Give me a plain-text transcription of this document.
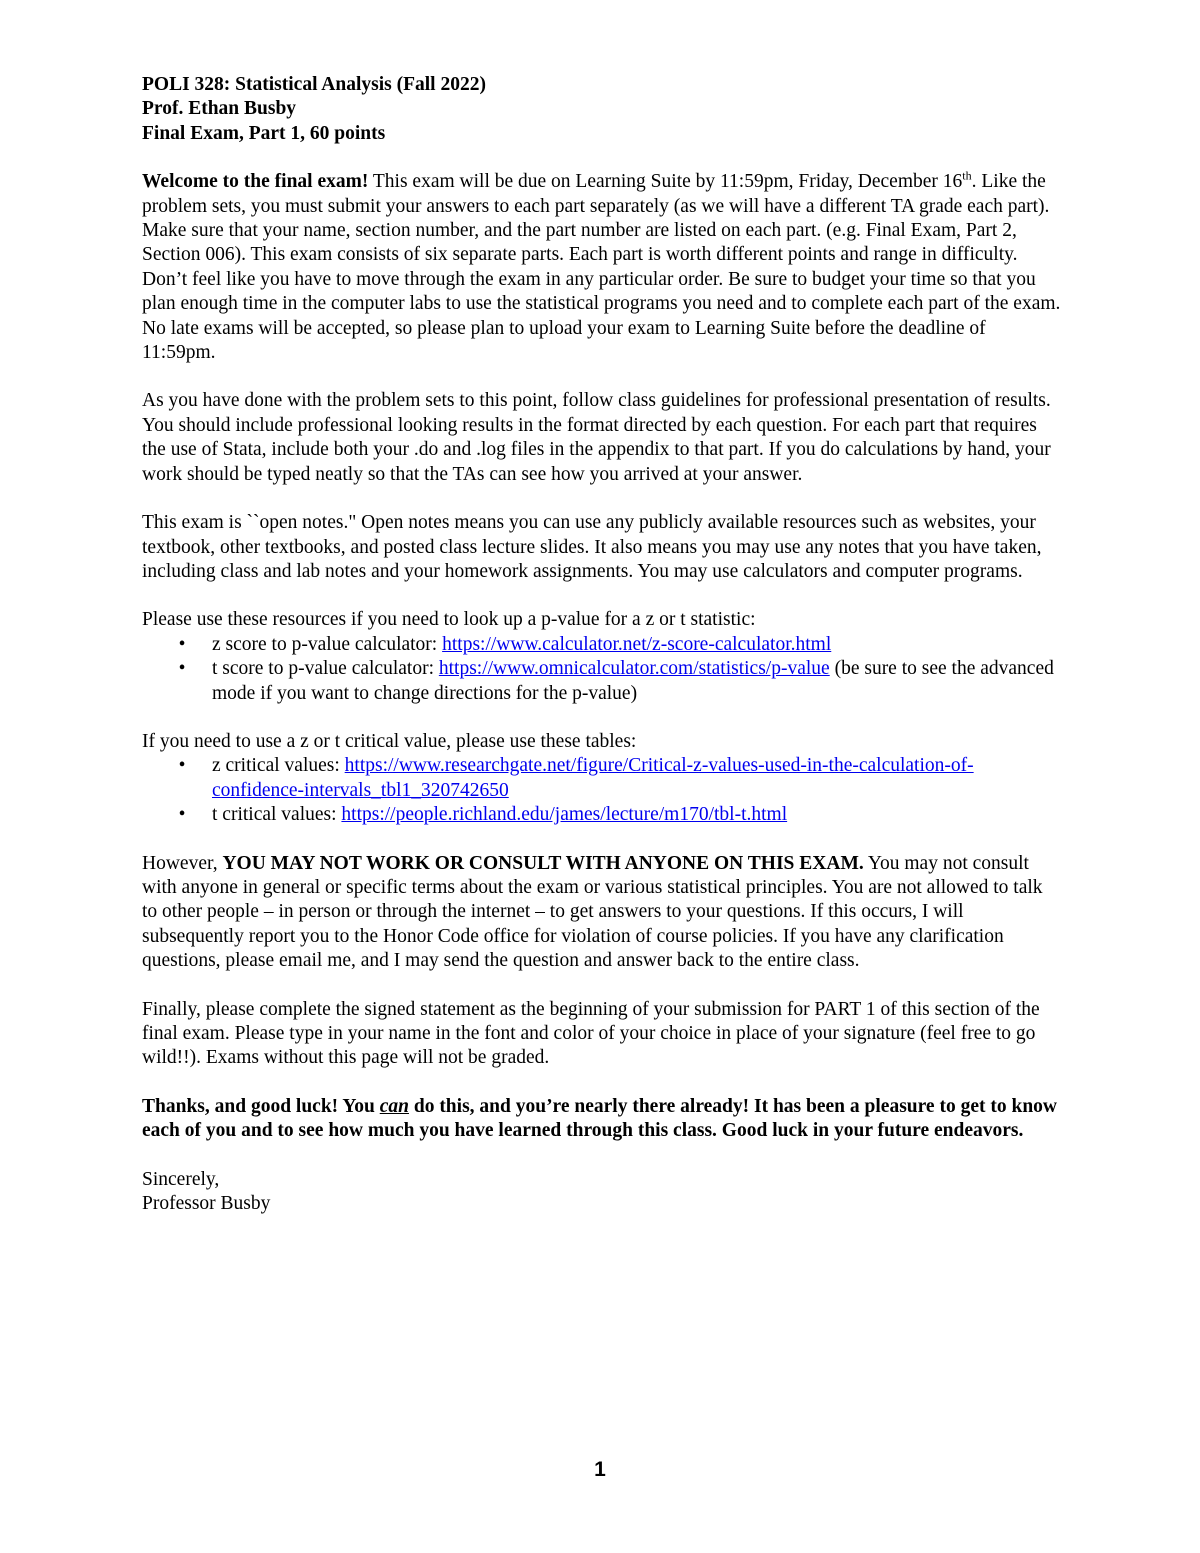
POLI 328: Statistical Analysis (Fall 2022)

Prof. Ethan Busby

Final Exam, Part 1, 60 points

Welcome to the final exam! This exam will be due on Learning Suite by 11:59pm, Friday, December 16th. Like the problem sets, you must submit your answers to each part separately (as we will have a different TA grade each part). Make sure that your name, section number, and the part number are listed on each part. (e.g. Final Exam, Part 2, Section 006). This exam consists of six separate parts. Each part is worth different points and range in difficulty. Don’t feel like you have to move through the exam in any particular order. Be sure to budget your time so that you plan enough time in the computer labs to use the statistical programs you need and to complete each part of the exam. No late exams will be accepted, so please plan to upload your exam to Learning Suite before the deadline of 11:59pm.

As you have done with the problem sets to this point, follow class guidelines for professional presentation of results. You should include professional looking results in the format directed by each question. For each part that requires the use of Stata, include both your .do and .log files in the appendix to that part. If you do calculations by hand, your work should be typed neatly so that the TAs can see how you arrived at your answer.

This exam is ``open notes." Open notes means you can use any publicly available resources such as websites, your textbook, other textbooks, and posted class lecture slides. It also means you may use any notes that you have taken, including class and lab notes and your homework assignments. You may use calculators and computer programs.

Please use these resources if you need to look up a p-value for a z or t statistic:

•	z score to p-value calculator: https://www.calculator.net/z-score-calculator.html
•	t score to p-value calculator: https://www.omnicalculator.com/statistics/p-value (be sure to see the advanced mode if you want to change directions for the p-value)

If you need to use a z or t critical value, please use these tables:

•	z critical values: https://www.researchgate.net/figure/Critical-z-values-used-in-the-calculation-of-confidence-intervals_tbl1_320742650
•	t critical values: https://people.richland.edu/james/lecture/m170/tbl-t.html

However, YOU MAY NOT WORK OR CONSULT WITH ANYONE ON THIS EXAM. You may not consult with anyone in general or specific terms about the exam or various statistical principles. You are not allowed to talk to other people – in person or through the internet – to get answers to your questions. If this occurs, I will subsequently report you to the Honor Code office for violation of course policies. If you have any clarification questions, please email me, and I may send the question and answer back to the entire class.

Finally, please complete the signed statement as the beginning of your submission for PART 1 of this section of the final exam. Please type in your name in the font and color of your choice in place of your signature (feel free to go wild!!). Exams without this page will not be graded.

Thanks, and good luck! You can do this, and you’re nearly there already! It has been a pleasure to get to know each of you and to see how much you have learned through this class. Good luck in your future endeavors.

Sincerely,

Professor Busby

1
